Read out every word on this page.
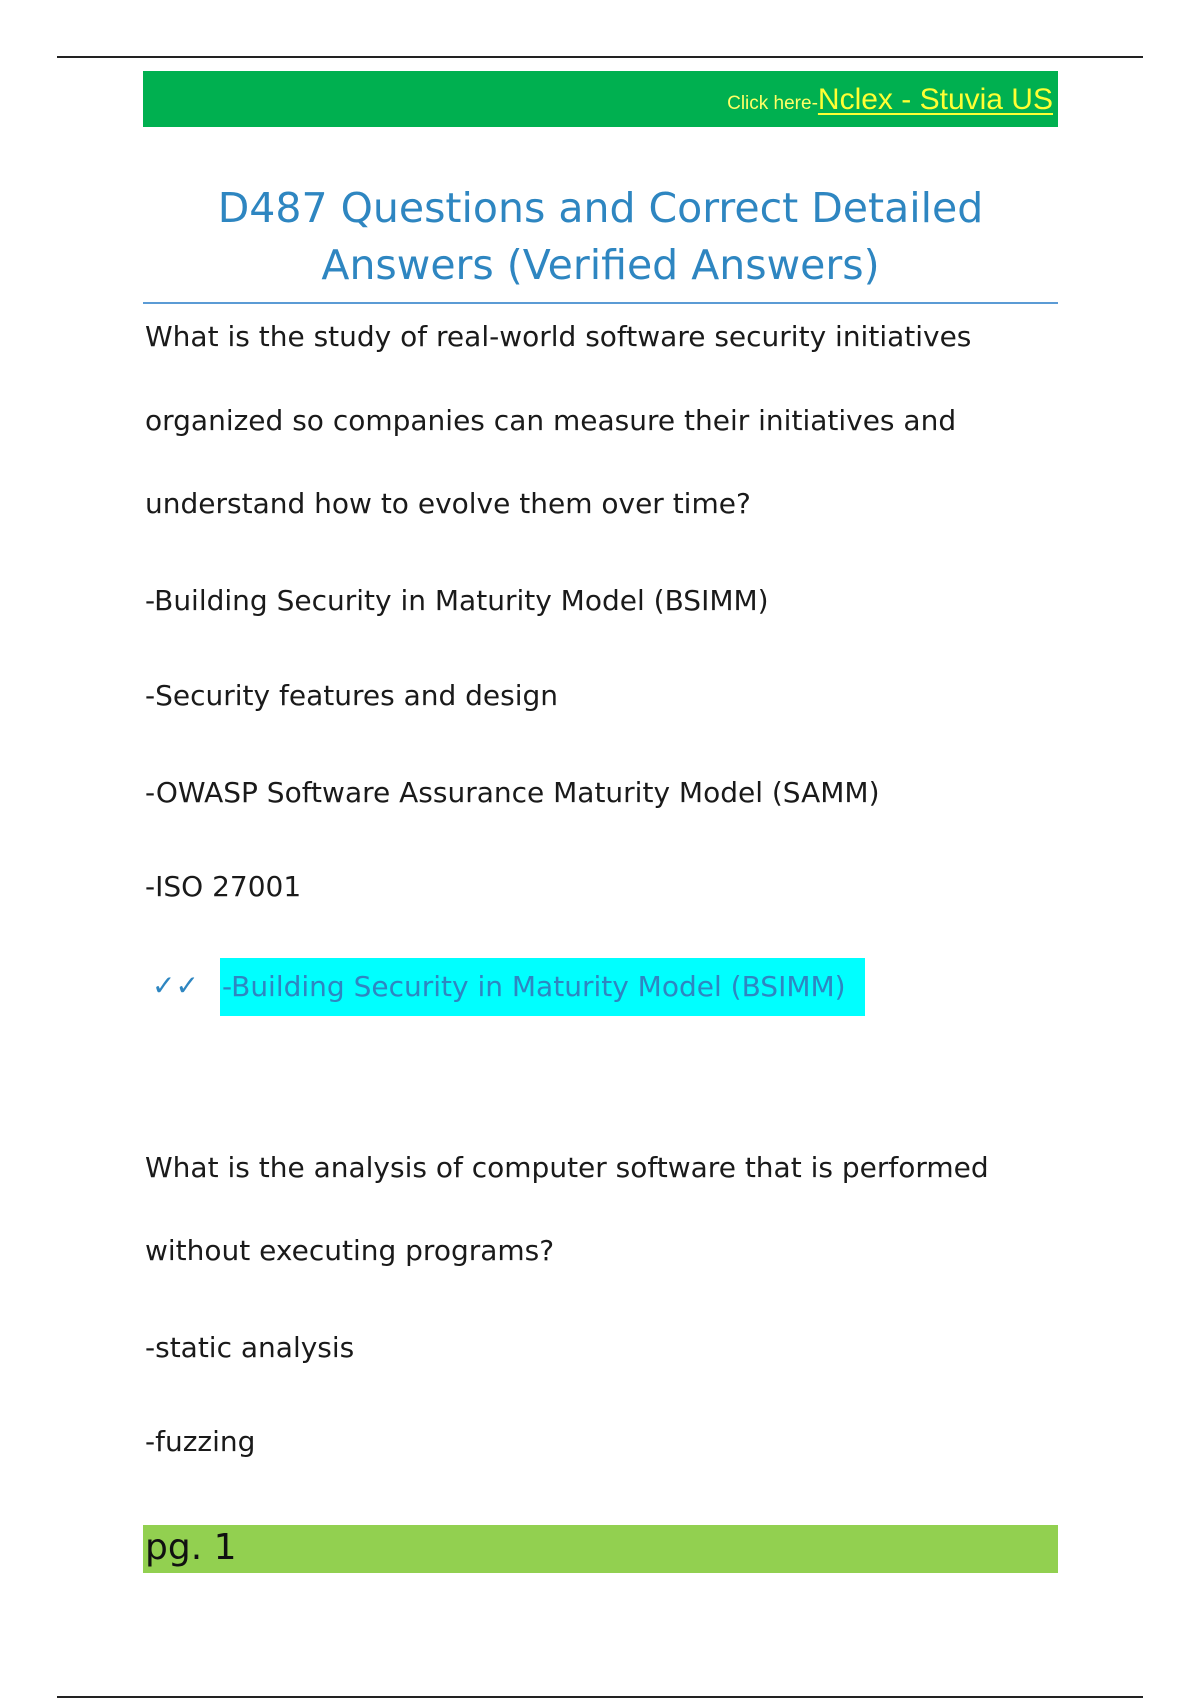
Click here-Nclex - Stuvia US
D487 Questions and Correct Detailed
Answers (Verified Answers)
What is the study of real-world software security initiatives
organized so companies can measure their initiatives and
understand how to evolve them over time?
-Building Security in Maturity Model (BSIMM)
-Security features and design
-OWASP Software Assurance Maturity Model (SAMM)
-ISO 27001
✓✓ -Building Security in Maturity Model (BSIMM)
What is the analysis of computer software that is performed
without executing programs?
-static analysis
-fuzzing
pg. 1
